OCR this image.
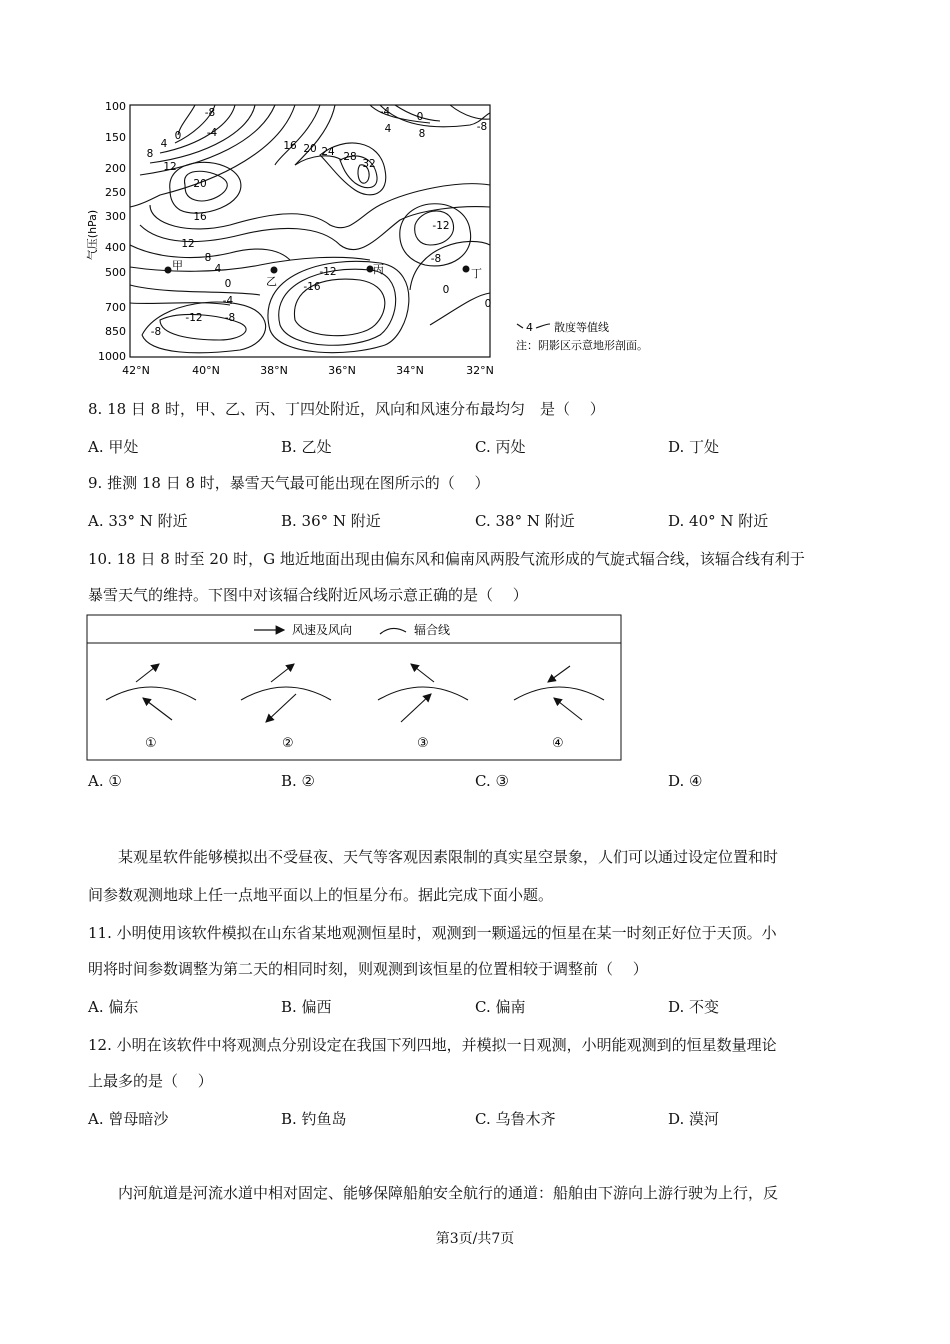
气压(hPa)
100
150
200
250
300
400
500
700
850
1000
42°N	40°N	38°N	36°N	34°N	32°N
-8
-4
0
4
8
12
16 20 24 28
32
-4	0
4	8
-8
20
16
12
8
4
0
-4
-8
-12
-12
-16
-12
-8
0
0
-8
甲
乙
丙	丁
4 散度等值线
注：阴影区示意地形剖面。
8. 18 日 8 时，甲、乙、丙、丁四处附近，风向和风速分布最均匀　是（　 ）
A. 甲处	B. 乙处	C. 丙处	D. 丁处
9. 推测 18 日 8 时，暴雪天气最可能出现在图所示的（　 ）
A. 33° N 附近	B. 36° N 附近	C. 38° N 附近	D. 40° N 附近
10. 18 日 8 时至 20 时，G 地近地面出现由偏东风和偏南风两股气流形成的气旋式辐合线，该辐合线有利于
暴雪天气的维持。下图中对该辐合线附近风场示意正确的是（　 ）
风速及风向	辐合线
①	②	③	④
A. ①	B. ②	C. ③	D. ④
　　某观星软件能够模拟出不受昼夜、天气等客观因素限制的真实星空景象，人们可以通过设定位置和时
间参数观测地球上任一点地平面以上的恒星分布。据此完成下面小题。
11. 小明使用该软件模拟在山东省某地观测恒星时，观测到一颗遥远的恒星在某一时刻正好位于天顶。小
明将时间参数调整为第二天的相同时刻，则观测到该恒星的位置相较于调整前（　 ）
A. 偏东	B. 偏西	C. 偏南	D. 不变
12. 小明在该软件中将观测点分别设定在我国下列四地，并模拟一日观测，小明能观测到的恒星数量理论
上最多的是（　 ）
A. 曾母暗沙	B. 钓鱼岛	C. 乌鲁木齐	D. 漠河
　　内河航道是河流水道中相对固定、能够保障船舶安全航行的通道：船舶由下游向上游行驶为上行，反
第3页/共7页
